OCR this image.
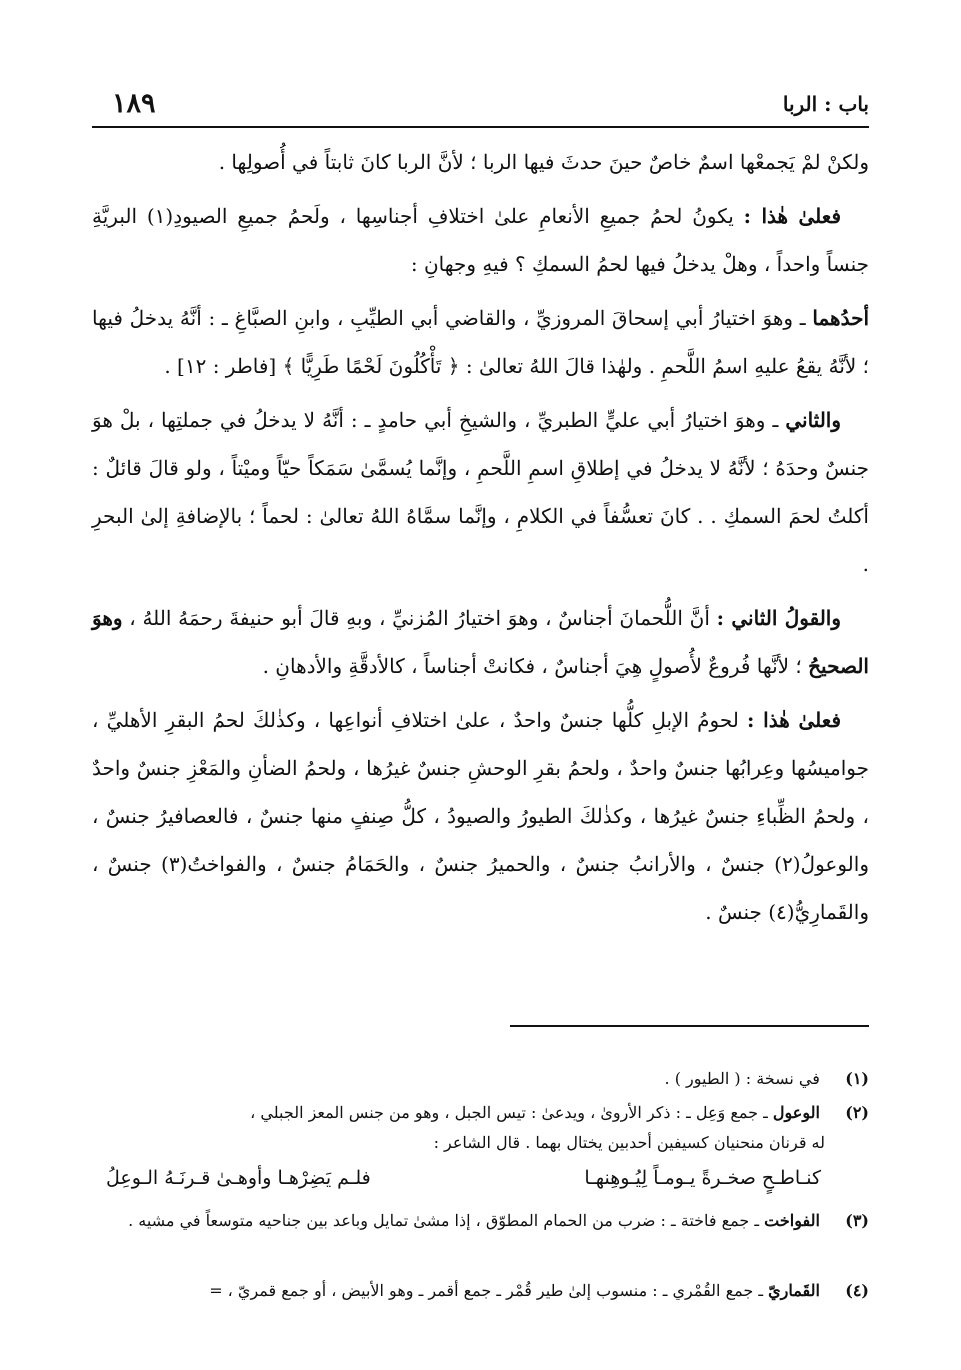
باب : الربا
١٨٩

ولكنْ لمْ يَجمعْها اسمٌ خاصٌ حينَ حدثَ فيها الربا ؛ لأنَّ الربا كانَ ثابتاً في أُصولِها .

فعلىٰ هٰذا : يكونُ لحمُ جميعِ الأنعامِ علىٰ اختلافِ أجناسِها ، ولَحمُ جميعِ الصيودِ(١) البريَّةِ جنساً واحداً ، وهلْ يدخلُ فيها لحمُ السمكِ ؟ فيهِ وجهانِ :

أحدُهما ـ وهوَ اختيارُ أبي إسحاقَ المروزيِّ ، والقاضي أبي الطيِّبِ ، وابنِ الصبَّاغِ ـ : أنَّهُ يدخلُ فيها ؛ لأنَّهُ يقعُ عليهِ اسمُ اللَّحمِ . ولهٰذا قالَ اللهُ تعالىٰ : ﴿ تَأْكُلُونَ لَحْمًا طَرِيًّا ﴾ [فاطر : ١٢] .

والثاني ـ وهوَ اختيارُ أبي عليٍّ الطبريِّ ، والشيخِ أبي حامدٍ ـ : أنَّهُ لا يدخلُ في جملتِها ، بلْ هوَ جنسٌ وحدَهُ ؛ لأنَّهُ لا يدخلُ في إطلاقِ اسمِ اللَّحمِ ، وإنَّما يُسمَّىٰ سَمَكاً حيّاً وميْتاً ، ولو قالَ قائلٌ : أكلتُ لحمَ السمكِ . . كانَ تعسُّفاً في الكلامِ ، وإنَّما سمَّاهُ اللهُ تعالىٰ : لحماً ؛ بالإضافةِ إلىٰ البحرِ .

والقولُ الثاني : أنَّ اللُّحمانَ أجناسٌ ، وهوَ اختيارُ المُزنيِّ ، وبهِ قالَ أبو حنيفةَ رحمَهُ اللهُ ، وهوَ الصحيحُ ؛ لأنَّها فُروعٌ لأُصولٍ هِيَ أجناسٌ ، فكانتْ أجناساً ، كالأدقَّةِ والأدهانِ .

فعلىٰ هٰذا : لحومُ الإبلِ كلُّها جنسٌ واحدٌ ، علىٰ اختلافِ أنواعِها ، وكذٰلكَ لحمُ البقرِ الأهليِّ ، جواميسُها وعِرابُها جنسٌ واحدٌ ، ولحمُ بقرِ الوحشِ جنسٌ غيرُها ، ولحمُ الضأنِ والمَعْزِ جنسٌ واحدٌ ، ولحمُ الظِّباءِ جنسٌ غيرُها ، وكذٰلكَ الطيورُ والصيودُ ، كلُّ صِنفٍ منها جنسٌ ، فالعصافيرُ جنسٌ ، والوعولُ(٢) جنسٌ ، والأرانبُ جنسٌ ، والحميرُ جنسٌ ، والحَمَامُ جنسٌ ، والفواختُ(٣) جنسٌ ، والقَمارِيُّ(٤) جنسٌ .

(١) في نسخة : ( الطيور ) .
(٢) الوعول ـ جمع وَعِل ـ : ذكر الأروىٰ ، ويدعىٰ : تيس الجبل ، وهو من جنس المعز الجبلي ،
له قرنان منحنيان كسيفين أحدبين يختال بهما . قال الشاعر :
كنـاطـحٍ صخـرةً يـومـاً لِيُـوهِنهـا
فلـم يَضِرْهـا وأوهـىٰ قـرنَـهُ الـوعِلُ
(٣) الفواخت ـ جمع فاختة ـ : ضرب من الحمام المطوّق ، إذا مشىٰ تمايل وباعد بين جناحيه متوسعاً في مشيه .
(٤) القَماريّ ـ جمع القُمْري ـ : منسوب إلىٰ طير قُمْر ـ جمع أقمر ـ وهو الأبيض ، أو جمع قمريّ ، =
